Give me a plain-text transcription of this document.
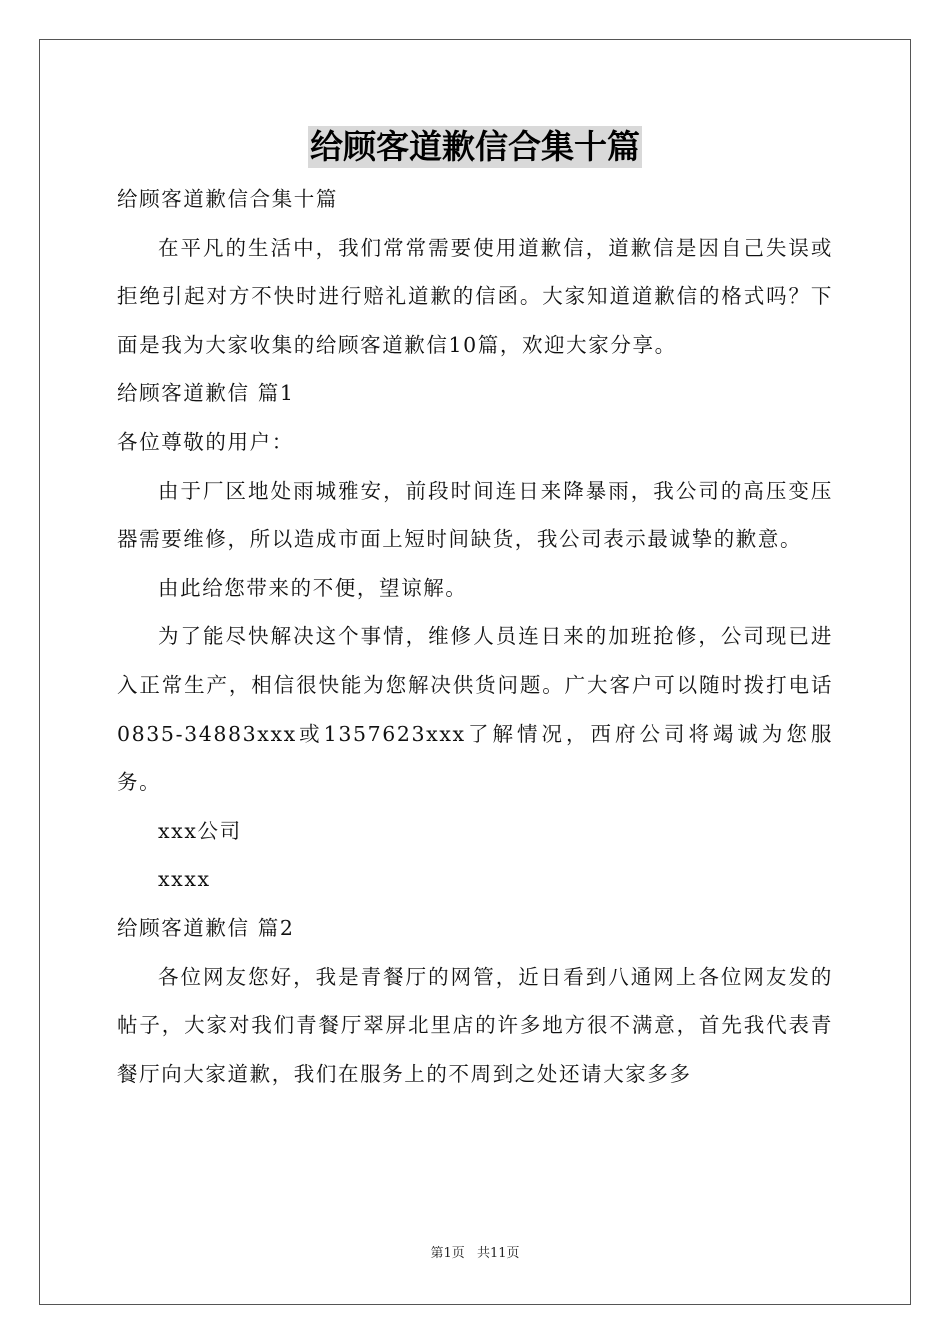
给顾客道歉信合集十篇

给顾客道歉信合集十篇

在平凡的生活中，我们常常需要使用道歉信，道歉信是因自己失误或拒绝引起对方不快时进行赔礼道歉的信函。大家知道道歉信的格式吗？下面是我为大家收集的给顾客道歉信10篇，欢迎大家分享。

给顾客道歉信 篇1

各位尊敬的用户：

由于厂区地处雨城雅安，前段时间连日来降暴雨，我公司的高压变压器需要维修，所以造成市面上短时间缺货，我公司表示最诚挚的歉意。

由此给您带来的不便，望谅解。

为了能尽快解决这个事情，维修人员连日来的加班抢修，公司现已进入正常生产，相信很快能为您解决供货问题。广大客户可以随时拨打电话0835-34883xxx或1357623xxx了解情况，西府公司将竭诚为您服务。

xxx公司

xxxx

给顾客道歉信 篇2

各位网友您好，我是青餐厅的网管，近日看到八通网上各位网友发的帖子，大家对我们青餐厅翠屏北里店的许多地方很不满意，首先我代表青餐厅向大家道歉，我们在服务上的不周到之处还请大家多多

第1页 共11页
